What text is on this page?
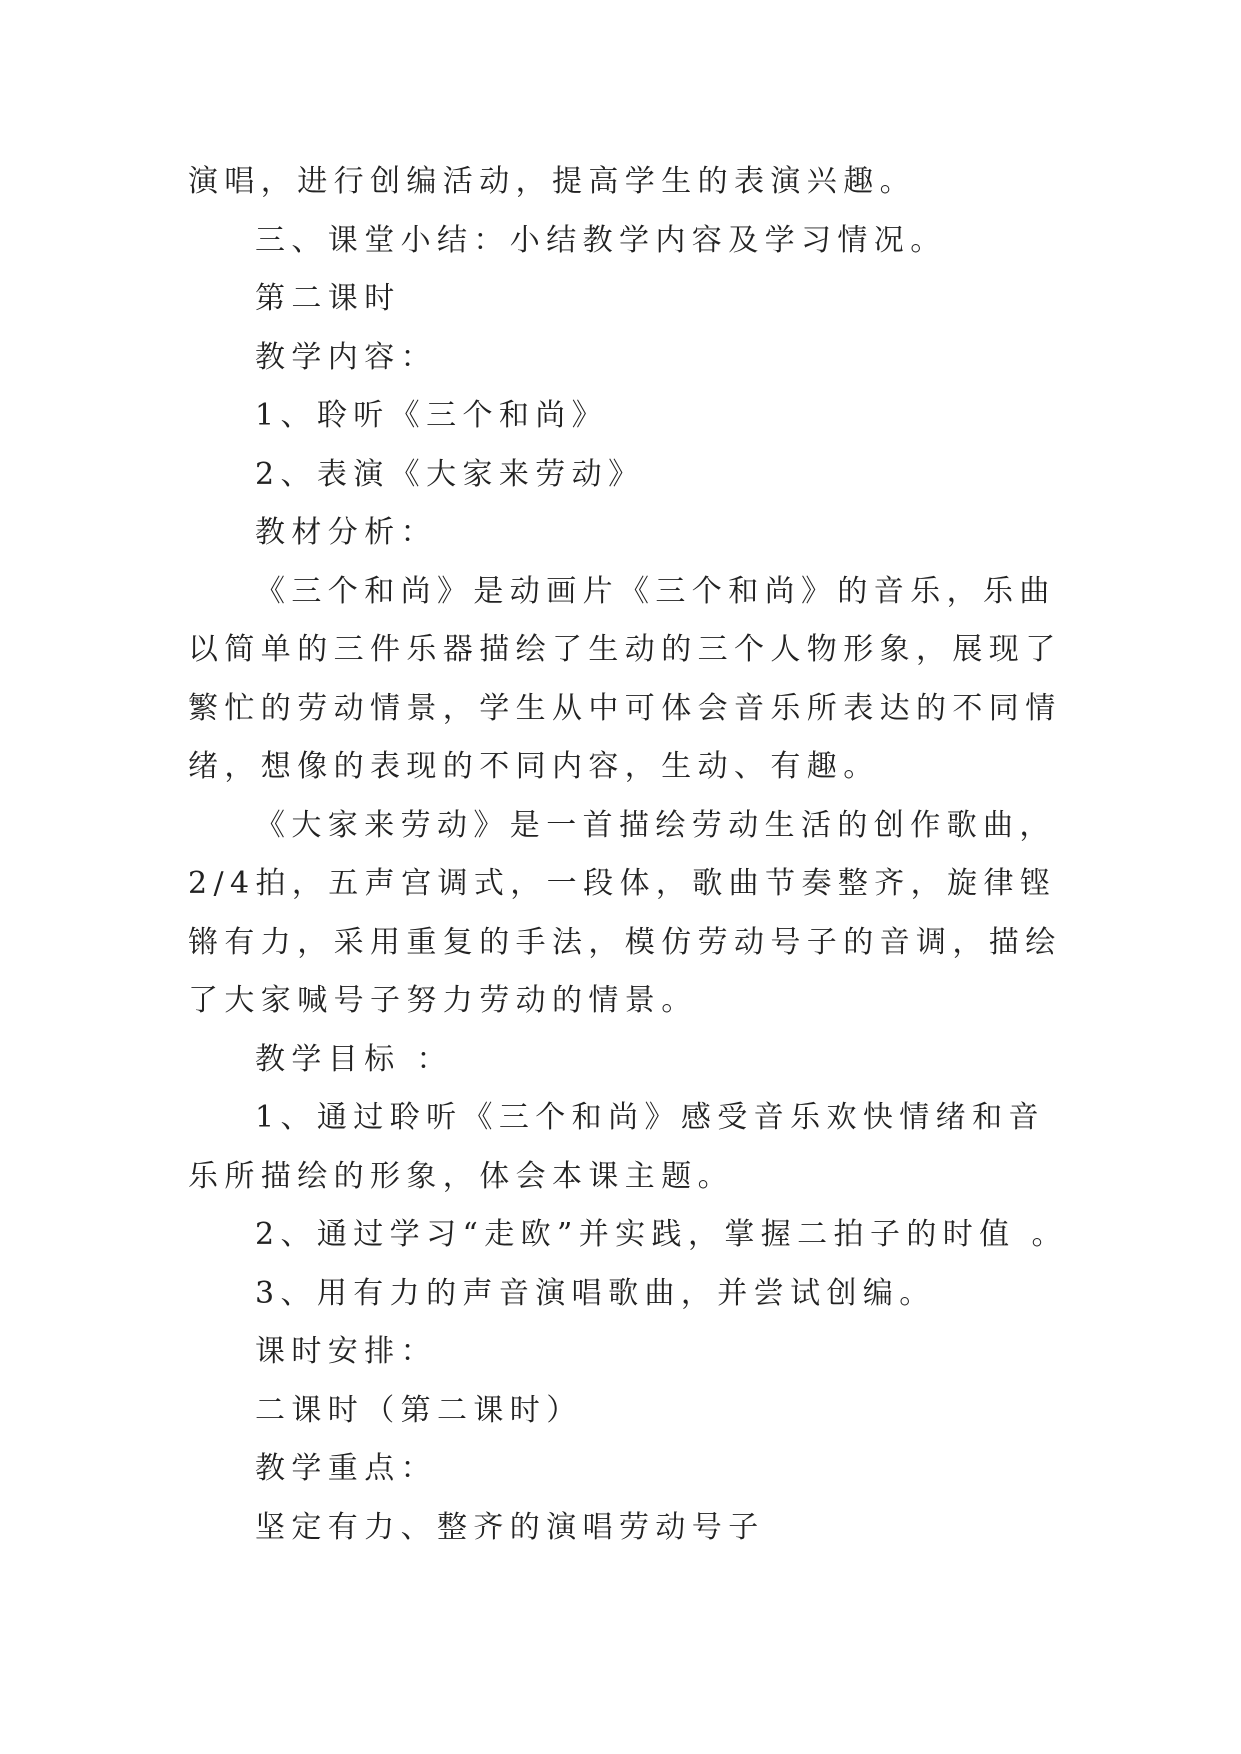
演唱，进行创编活动，提高学生的表演兴趣。

三、课堂小结：小结教学内容及学习情况。

第二课时

教学内容：

1、聆听《三个和尚》

2、表演《大家来劳动》

教材分析：

《三个和尚》是动画片《三个和尚》的音乐，乐曲以简单的三件乐器描绘了生动的三个人物形象，展现了繁忙的劳动情景，学生从中可体会音乐所表达的不同情绪，想像的表现的不同内容，生动、有趣。

《大家来劳动》是一首描绘劳动生活的创作歌曲，2/4拍，五声宫调式，一段体，歌曲节奏整齐，旋律铿锵有力，采用重复的手法，模仿劳动号子的音调，描绘了大家喊号子努力劳动的情景。

教学目标 ：

1、通过聆听《三个和尚》感受音乐欢快情绪和音乐所描绘的形象，体会本课主题。

2、通过学习“走欧”并实践，掌握二拍子的时值 。

3、用有力的声音演唱歌曲，并尝试创编。

课时安排：

二课时（第二课时）

教学重点：

坚定有力、整齐的演唱劳动号子
